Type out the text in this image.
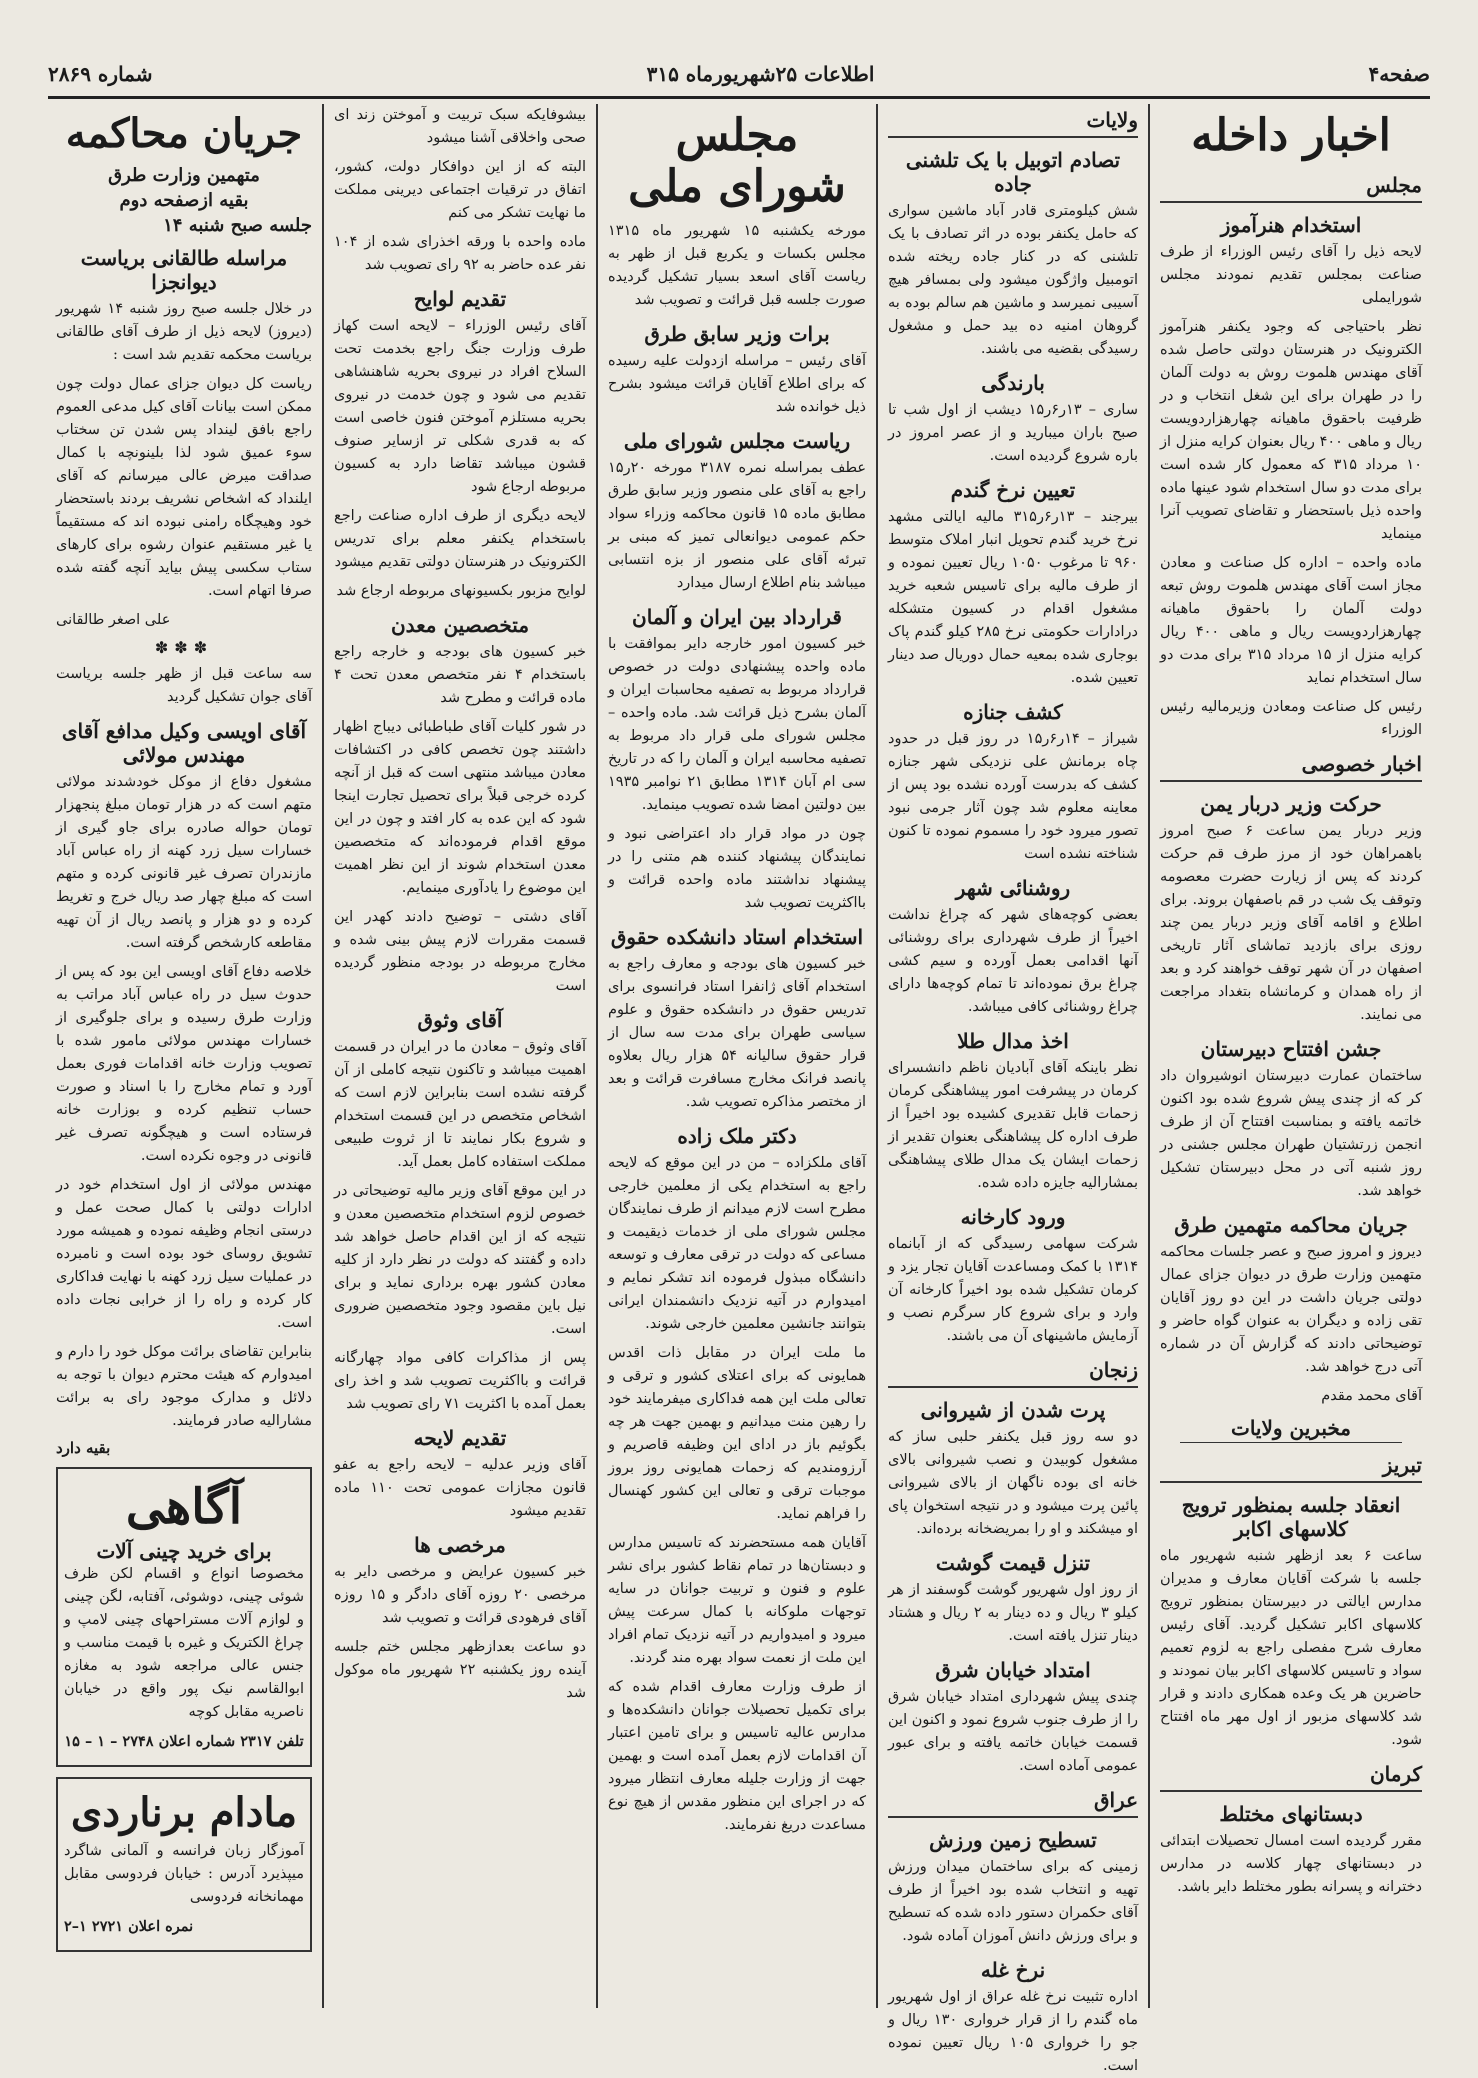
صفحه۴
اطلاعات ۲۵شهریورماه ۳۱۵
شماره ۲۸۶۹
اخبار داخله
مجلس
استخدام هنرآموز

لایحه ذیل را آقای رئیس الوزراء از طرف صناعت بمجلس تقدیم نمودند مجلس شورایملی

نظر باحتیاجی که وجود یکنفر هنرآموز الکترونیک در هنرستان دولتی حاصل شده آقای مهندس هلموت روش به دولت آلمان را در طهران برای این شغل انتخاب و در ظرفیت باحقوق ماهیانه چهارهزاردویست ریال و ماهی ۴۰۰ ریال بعنوان کرایه منزل از ۱۰ مرداد ۳۱۵ که معمول کار شده است برای مدت دو سال استخدام شود عینها ماده واحده ذیل باستحضار و تقاضای تصویب آنرا مینماید

ماده واحده – اداره کل صناعت و معادن مجاز است آقای مهندس هلموت روش تبعه دولت آلمان را باحقوق ماهیانه چهارهزاردویست ریال و ماهی ۴۰۰ ریال کرایه منزل از ۱۵ مرداد ۳۱۵ برای مدت دو سال استخدام نماید

رئیس کل صناعت ومعادن وزیرمالیه رئیس الوزراء

اخبار خصوصی
حرکت وزیر دربار یمن

وزیر دربار یمن ساعت ۶ صبح امروز باهمراهان خود از مرز طرف قم حرکت کردند که پس از زیارت حضرت معصومه وتوقف یک شب در قم باصفهان بروند. برای اطلاع و اقامه آقای وزیر دربار یمن چند روزی برای بازدید تماشای آثار تاریخی اصفهان در آن شهر توقف خواهند کرد و بعد از راه همدان و کرمانشاه بتغداد مراجعت می نمایند.

جشن افتتاح دبیرستان

ساختمان عمارت دبیرستان انوشیروان داد کر که از چندی پیش شروع شده بود اکنون خاتمه یافته و بمناسبت افتتاح آن از طرف انجمن زرتشتیان طهران مجلس جشنی در روز شنبه آتی در محل دبیرستان تشکیل خواهد شد.

جریان محاکمه متهمین طرق

دیروز و امروز صبح و عصر جلسات محاکمه متهمین وزارت طرق در دیوان جزای عمال دولتی جریان داشت در این دو روز آقایان تقی زاده و دیگران به عنوان گواه حاضر و توضیحاتی دادند که گزارش آن در شماره آتی درج خواهد شد.

آقای محمد مقدم

مخبرین ولایات
تبریز
انعقاد جلسه بمنظور ترویج کلاسهای اکابر

ساعت ۶ بعد ازظهر شنبه شهریور ماه جلسه با شرکت آقایان معارف و مدیران مدارس ایالتی در دبیرستان بمنظور ترویج کلاسهای اکابر تشکیل گردید. آقای رئیس معارف شرح مفصلی راجع به لزوم تعمیم سواد و تاسیس کلاسهای اکابر بیان نمودند و حاضرین هر یک وعده همکاری دادند و قرار شد کلاسهای مزبور از اول مهر ماه افتتاح شود.

کرمان
دبستانهای مختلط

مقرر گردیده است امسال تحصیلات ابتدائی در دبستانهای چهار کلاسه در مدارس دخترانه و پسرانه بطور مختلط دایر باشد.

ولایات
تصادم اتوبیل با یک تلشنی جاده

شش کیلومتری قادر آباد ماشین سواری که حامل یکنفر بوده در اثر تصادف با یک تلشنی که در کنار جاده ریخته شده اتومبیل واژگون میشود ولی بمسافر هیچ آسیبی نمیرسد و ماشین هم سالم بوده به گروهان امنیه ده بید حمل و مشغول رسیدگی بقضیه می باشند.

بارندگی

ساری – ۱۳ر۶ر۱۵ دیشب از اول شب تا صبح باران میبارید و از عصر امروز در باره شروع گردیده است.

تعیین نرخ گندم

بیرجند – ۱۳ر۶ر۳۱۵ مالیه ایالتی مشهد نرخ خرید گندم تحویل انبار املاک متوسط ۹۶۰ تا مرغوب ۱۰۵۰ ریال تعیین نموده و از طرف مالیه برای تاسیس شعبه خرید مشغول اقدام در کسیون متشکله درادارات حکومتی نرخ ۲۸۵ کیلو گندم پاک بوجاری شده بمعیه حمال دوریال صد دینار تعیین شده.

کشف جنازه

شیراز – ۱۴ر۶ر۱۵ در روز قبل در حدود چاه برمانش علی نزدیکی شهر جنازه کشف که بدرست آورده نشده بود پس از معاینه معلوم شد چون آثار جرمی نبود تصور میرود خود را مسموم نموده تا کنون شناخته نشده است

روشنائی شهر

بعضی کوچه‌های شهر که چراغ نداشت اخیراً از طرف شهرداری برای روشنائی آنها اقدامی بعمل آورده و سیم کشی چراغ برق نموده‌اند تا تمام کوچه‌ها دارای چراغ روشنائی کافی میباشد.

اخذ مدال طلا

نظر باینکه آقای آبادیان ناظم دانشسرای کرمان در پیشرفت امور پیشاهنگی کرمان زحمات قابل تقدیری کشیده بود اخیراً از طرف اداره کل پیشاهنگی بعنوان تقدیر از زحمات ایشان یک مدال طلای پیشاهنگی بمشارالیه جایزه داده شده.

ورود کارخانه

شرکت سهامی رسیدگی که از آبانماه ۱۳۱۴ با کمک ومساعدت آقایان تجار یزد و کرمان تشکیل شده بود اخیراً کارخانه آن وارد و برای شروع کار سرگرم نصب و آزمایش ماشینهای آن می باشند.

زنجان
پرت شدن از شیروانی

دو سه روز قبل یکنفر حلبی ساز که مشغول کوبیدن و نصب شیروانی بالای خانه ای بوده ناگهان از بالای شیروانی پائین پرت میشود و در نتیجه استخوان پای او میشکند و او را بمریضخانه برده‌اند.

تنزل قیمت گوشت

از روز اول شهریور گوشت گوسفند از هر کیلو ۳ ریال و ده دینار به ۲ ریال و هشتاد دینار تنزل یافته است.

امتداد خیابان شرق

چندی پیش شهرداری امتداد خیابان شرق را از طرف جنوب شروع نمود و اکنون این قسمت خیابان خاتمه یافته و برای عبور عمومی آماده است.

عراق
تسطیح زمین ورزش

زمینی که برای ساختمان میدان ورزش تهیه و انتخاب شده بود اخیراً از طرف آقای حکمران دستور داده شده که تسطیح و برای ورزش دانش آموزان آماده شود.

نرخ غله

اداره تثبیت نرخ غله عراق از اول شهریور ماه گندم را از قرار خرواری ۱۳۰ ریال و جو را خرواری ۱۰۵ ریال تعیین نموده است.

مجلس شورای ملی

مورخه یکشنبه ۱۵ شهریور ماه ۱۳۱۵ مجلس بکسات و یکربع قبل از ظهر به ریاست آقای اسعد بسیار تشکیل گردیده صورت جلسه قبل قرائت و تصویب شد

برات وزیر سابق طرق

آقای رئیس – مراسله ازدولت علیه رسیده که برای اطلاع آقایان قرائت میشود بشرح ذیل خوانده شد

ریاست مجلس شورای ملی

عطف بمراسله نمره ۳۱۸۷ مورخه ۲۰ر۱۵ راجع به آقای علی منصور وزیر سابق طرق مطابق ماده ۱۵ قانون محاکمه وزراء سواد حکم عمومی دیوانعالی تمیز که مبنی بر تبرئه آقای علی منصور از بزه انتسابی میباشد بنام اطلاع ارسال میدارد

قرارداد بین ایران و آلمان

خبر کسیون امور خارجه دایر بموافقت با ماده واحده پیشنهادی دولت در خصوص قرارداد مربوط به تصفیه محاسبات ایران و آلمان بشرح ذیل قرائت شد. ماده واحده – مجلس شورای ملی قرار داد مربوط به تصفیه محاسبه ایران و آلمان را که در تاریخ سی ام آبان ۱۳۱۴ مطابق ۲۱ نوامبر ۱۹۳۵ بین دولتین امضا شده تصویب مینماید.

چون در مواد قرار داد اعتراضی نبود و نمایندگان پیشنهاد کننده هم متنی را در پیشنهاد نداشتند ماده واحده قرائت و بااکثریت تصویب شد

استخدام استاد دانشکده حقوق

خبر کسیون های بودجه و معارف راجع به استخدام آقای ژانفرا استاد فرانسوی برای تدریس حقوق در دانشکده حقوق و علوم سیاسی طهران برای مدت سه سال از قرار حقوق سالیانه ۵۴ هزار ریال بعلاوه پانصد فرانک مخارج مسافرت قرائت و بعد از مختصر مذاکره تصویب شد.

دکتر ملک زاده

آقای ملکزاده – من در این موقع که لایحه راجع به استخدام یکی از معلمین خارجی مطرح است لازم میدانم از طرف نمایندگان مجلس شورای ملی از خدمات ذیقیمت و مساعی که دولت در ترقی معارف و توسعه دانشگاه مبذول فرموده اند تشکر نمایم و امیدوارم در آتیه نزدیک دانشمندان ایرانی بتوانند جانشین معلمین خارجی شوند.

ما ملت ایران در مقابل ذات اقدس همایونی که برای اعتلای کشور و ترقی و تعالی ملت این همه فداکاری میفرمایند خود را رهین منت میدانیم و بهمین جهت هر چه بگوئیم باز در ادای این وظیفه قاصریم و آرزومندیم که زحمات همایونی روز بروز موجبات ترقی و تعالی این کشور کهنسال را فراهم نماید.

آقایان همه مستحضرند که تاسیس مدارس و دبستان‌ها در تمام نقاط کشور برای نشر علوم و فنون و تربیت جوانان در سایه توجهات ملوکانه با کمال سرعت پیش میرود و امیدواریم در آتیه نزدیک تمام افراد این ملت از نعمت سواد بهره مند گردند.

از طرف وزارت معارف اقدام شده که برای تکمیل تحصیلات جوانان دانشکده‌ها و مدارس عالیه تاسیس و برای تامین اعتبار آن اقدامات لازم بعمل آمده است و بهمین جهت از وزارت جلیله معارف انتظار میرود که در اجرای این منظور مقدس از هیچ نوع مساعدت دریغ نفرمایند.

بیشوفایکه سبک تربیت و آموختن زند ای صحی واخلاقی آشنا میشود

البته که از این دوافکار دولت، کشور، اتفاق در ترقیات اجتماعی دیرینی مملکت ما نهایت تشکر می کنم

ماده واحده با ورقه اخذرای شده از ۱۰۴ نفر عده حاضر به ۹۲ رای تصویب شد

تقدیم لوایح

آقای رئیس الوزراء – لایحه است کهاز طرف وزارت جنگ راجع بخدمت تحت السلاح افراد در نیروی بحریه شاهنشاهی تقدیم می شود و چون خدمت در نیروی بحریه مستلزم آموختن فنون خاصی است که به قدری شکلی تر ازسایر صنوف قشون میباشد تقاضا دارد به کسیون مربوطه ارجاع شود

لایحه دیگری از طرف اداره صناعت راجع باستخدام یکنفر معلم برای تدریس الکترونیک در هنرستان دولتی تقدیم میشود

لوایح مزبور بکسیونهای مربوطه ارجاع شد

متخصصین معدن

خبر کسیون های بودجه و خارجه راجع باستخدام ۴ نفر متخصص معدن تحت ۴ ماده قرائت و مطرح شد

در شور کلیات آقای طباطبائی دیباج اظهار داشتند چون تخصص کافی در اکتشافات معادن میباشد منتهی است که قبل از آنچه کرده خرجی قبلاً برای تحصیل تجارت اینجا شود که این عده به کار افتد و چون در این موقع اقدام فرموده‌اند که متخصصین معدن استخدام شوند از این نظر اهمیت این موضوع را یادآوری مینمایم.

آقای دشتی – توضیح دادند کهدر این قسمت مقررات لازم پیش بینی شده و مخارج مربوطه در بودجه منظور گردیده است

آقای وثوق

آقای وثوق – معادن ما در ایران در قسمت اهمیت میباشد و تاکنون نتیجه کاملی از آن گرفته نشده است بنابراین لازم است که اشخاص متخصص در این قسمت استخدام و شروع بکار نمایند تا از ثروت طبیعی مملکت استفاده کامل بعمل آید.

در این موقع آقای وزیر مالیه توضیحاتی در خصوص لزوم استخدام متخصصین معدن و نتیجه که از این اقدام حاصل خواهد شد داده و گفتند که دولت در نظر دارد از کلیه معادن کشور بهره برداری نماید و برای نیل باین مقصود وجود متخصصین ضروری است.

پس از مذاکرات کافی مواد چهارگانه قرائت و بااکثریت تصویب شد و اخذ رای بعمل آمده با اکثریت ۷۱ رای تصویب شد

تقدیم لایحه

آقای وزیر عدلیه – لایحه راجع به عفو قانون مجازات عمومی تحت ۱۱۰ ماده تقدیم میشود

مرخصی ها

خبر کسیون عرایض و مرخصی دایر به مرخصی ۲۰ روزه آقای دادگر و ۱۵ روزه آقای فرهودی قرائت و تصویب شد

دو ساعت بعدازظهر مجلس ختم جلسه آینده روز یکشنبه ۲۲ شهریور ماه موکول شد

جریان محاکمه
متهمین وزارت طرق
بقیه ازصفحه دوم
جلسه صبح شنبه ۱۴
مراسله طالقانی بریاست دیوانجزا

در خلال جلسه صبح روز شنبه ۱۴ شهریور (دیروز) لایحه ذیل از طرف آقای طالقانی بریاست محکمه تقدیم شد است :

ریاست کل دیوان جزای عمال دولت چون ممکن است بیانات آقای کیل مدعی العموم راجع بافق لینداد پس شدن تن سختاب سوء عمیق شود لذا بلینونچه با کمال صداقت میرض عالی میرسانم که آقای ایلنداد که اشخاص نشریف بردند باستحضار خود وهیچگاه رامنی نبوده اند که مستقیماً یا غیر مستقیم عنوان رشوه برای کارهای ستاب سکسی پیش بیاید آنچه گفته شده صرفا اتهام است.

علی اصغر طالقانی

✽✽✽

سه ساعت قبل از ظهر جلسه بریاست آقای جوان تشکیل گردید

آقای اویسی وکیل مدافع آقای مهندس مولائی

مشغول دفاع از موکل خودشدند مولائی متهم است که در هزار تومان مبلغ پنجهزار تومان حواله صادره برای جاو گیری از خسارات سیل زرد کهنه از راه عباس آباد مازندران تصرف غیر قانونی کرده و متهم است که مبلغ چهار صد ریال خرج و تغریط کرده و دو هزار و پانصد ریال از آن تهیه مقاطعه کارشخص گرفته است.

خلاصه دفاع آقای اویسی این بود که پس از حدوث سیل در راه عباس آباد مراتب به وزارت طرق رسیده و برای جلوگیری از خسارات مهندس مولائی مامور شده با تصویب وزارت خانه اقدامات فوری بعمل آورد و تمام مخارج را با اسناد و صورت حساب تنظیم کرده و بوزارت خانه فرستاده است و هیچگونه تصرف غیر قانونی در وجوه نکرده است.

مهندس مولائی از اول استخدام خود در ادارات دولتی با کمال صحت عمل و درستی انجام وظیفه نموده و همیشه مورد تشویق روسای خود بوده است و نامبرده در عملیات سیل زرد کهنه با نهایت فداکاری کار کرده و راه را از خرابی نجات داده است.

بنابراین تقاضای برائت موکل خود را دارم و امیدوارم که هیئت محترم دیوان با توجه به دلائل و مدارک موجود رای به برائت مشارالیه صادر فرمایند.

بقیه دارد
آگاهی
برای خرید چینی آلات

مخصوصا انواع و اقسام لکن ظرف شوئی چینی، دوشوئی، آفتابه، لگن چینی و لوازم آلات مستراحهای چینی لامپ و چراغ الکتریک و غیره با قیمت مناسب و جنس عالی مراجعه شود به مغازه ابوالقاسم نیک پور واقع در خیابان ناصریه مقابل کوچه

تلفن ۲۳۱۷ شماره اعلان ۲۷۴۸ – ۱ – ۱۵

مادام برناردی

آموزگار زبان فرانسه و آلمانی شاگرد میپذیرد آدرس : خیابان فردوسی مقابل مهمانخانه فردوسی

نمره اعلان ۲۷۲۱ ۱–۲
